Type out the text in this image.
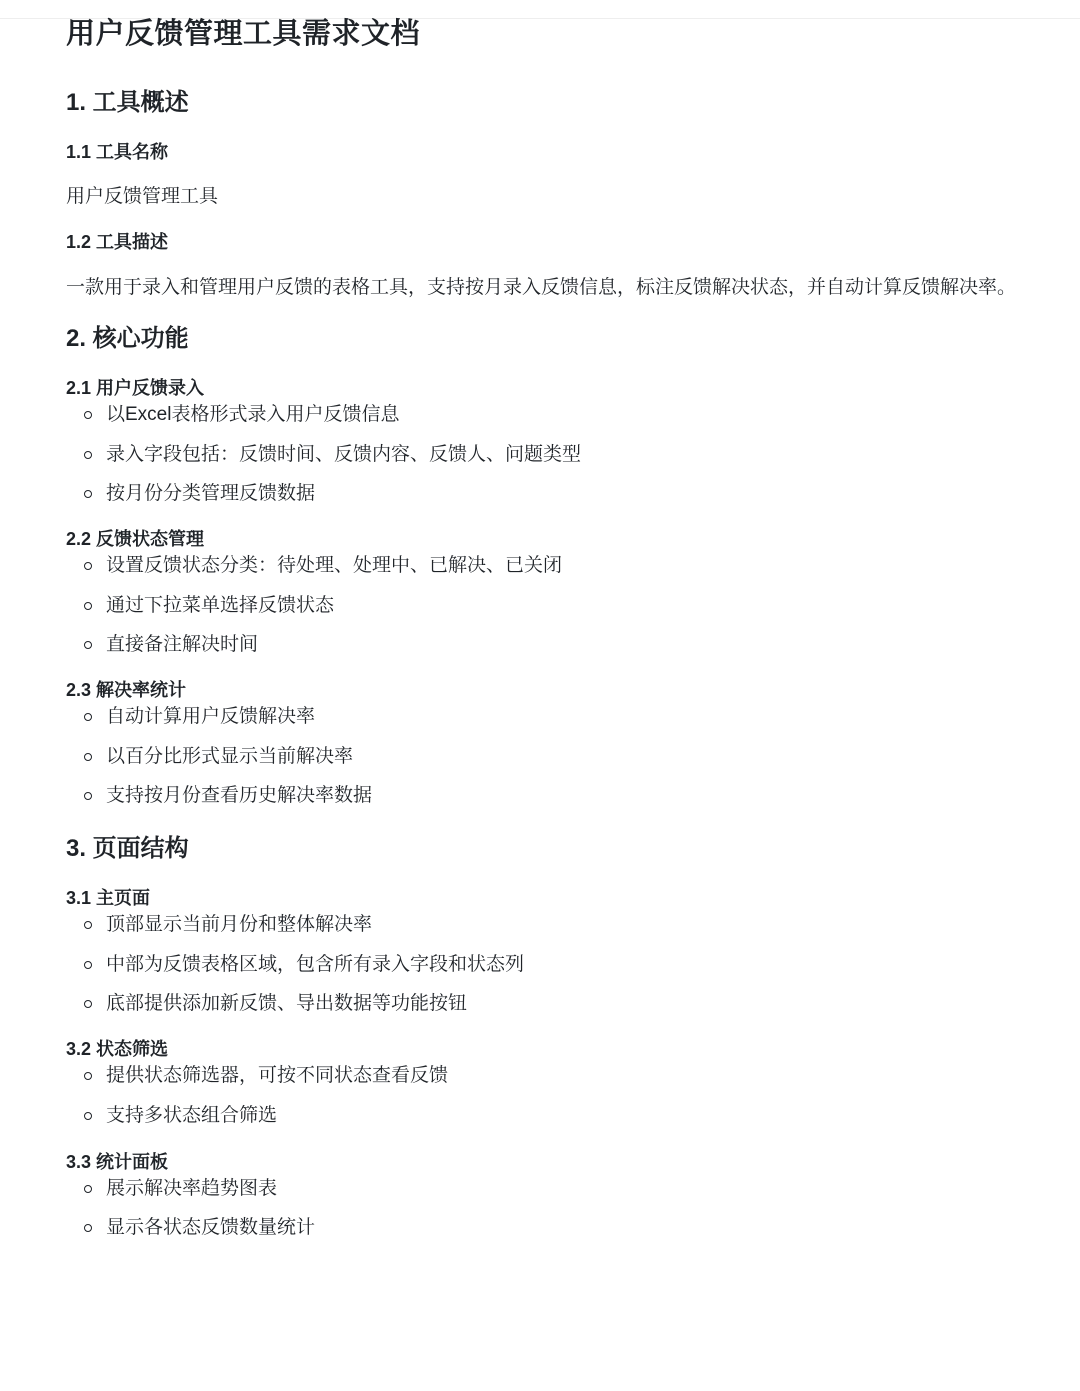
用户反馈管理工具需求文档
1. 工具概述
1.1 工具名称

用户反馈管理工具

1.2 工具描述

一款用于录入和管理用户反馈的表格工具，支持按月录入反馈信息，标注反馈解决状态，并自动计算反馈解决率。

2. 核心功能
2.1 用户反馈录入
以Excel表格形式录入用户反馈信息
录入字段包括：反馈时间、反馈内容、反馈人、问题类型
按月份分类管理反馈数据
2.2 反馈状态管理
设置反馈状态分类：待处理、处理中、已解决、已关闭
通过下拉菜单选择反馈状态
直接备注解决时间
2.3 解决率统计
自动计算用户反馈解决率
以百分比形式显示当前解决率
支持按月份查看历史解决率数据
3. 页面结构
3.1 主页面
顶部显示当前月份和整体解决率
中部为反馈表格区域，包含所有录入字段和状态列
底部提供添加新反馈、导出数据等功能按钮
3.2 状态筛选
提供状态筛选器，可按不同状态查看反馈
支持多状态组合筛选
3.3 统计面板
展示解决率趋势图表
显示各状态反馈数量统计
